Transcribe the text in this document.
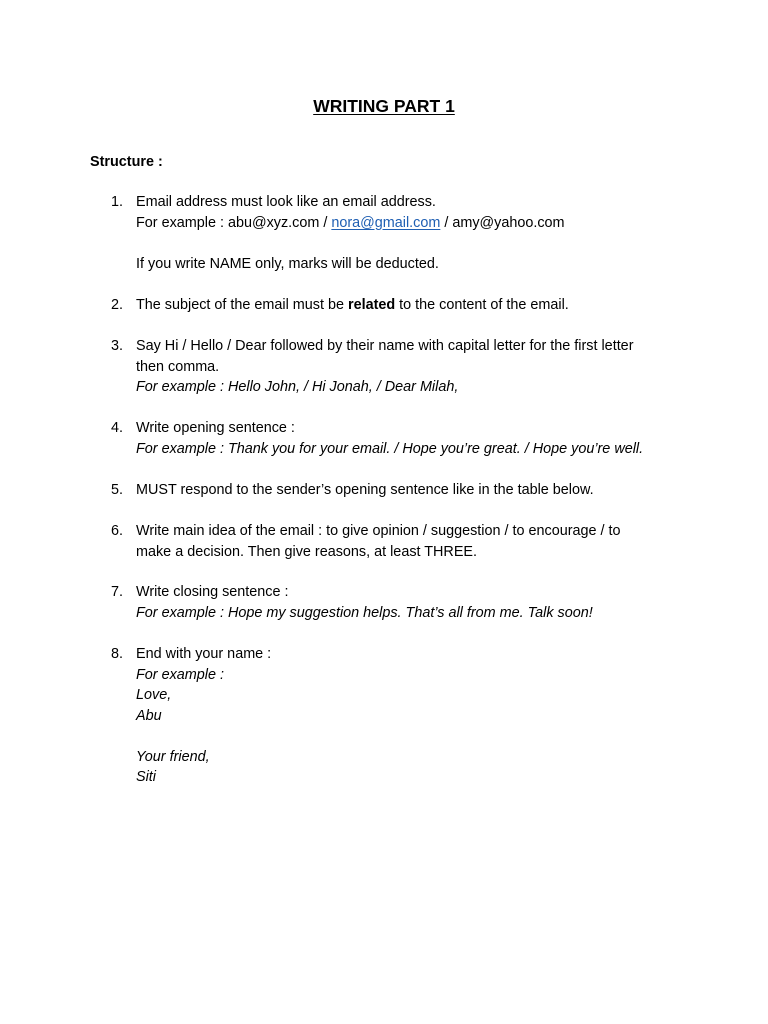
WRITING PART 1
Structure :
1. Email address must look like an email address.
For example : abu@xyz.com / nora@gmail.com / amy@yahoo.com
If you write NAME only, marks will be deducted.
2. The subject of the email must be related to the content of the email.
3. Say Hi / Hello / Dear followed by their name with capital letter for the first letter
then comma.
For example : Hello John, / Hi Jonah, / Dear Milah,
4. Write opening sentence :
For example : Thank you for your email. / Hope you’re great. / Hope you’re well.
5. MUST respond to the sender’s opening sentence like in the table below.
6. Write main idea of the email : to give opinion / suggestion / to encourage / to
make a decision. Then give reasons, at least THREE.
7. Write closing sentence :
For example : Hope my suggestion helps. That’s all from me. Talk soon!
8. End with your name :
For example :
Love,
Abu
Your friend,
Siti
